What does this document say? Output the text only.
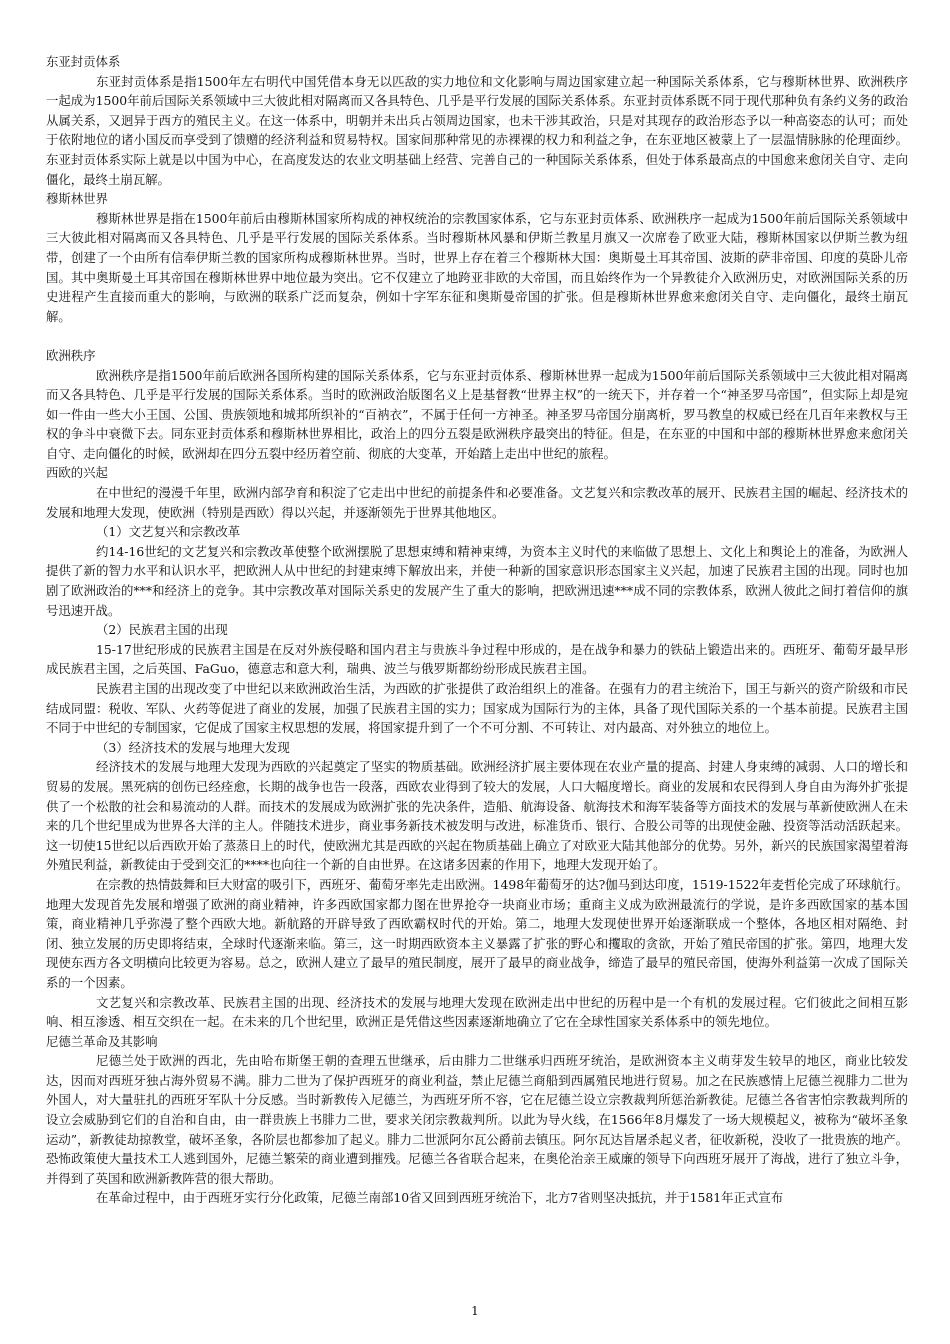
东亚封贡体系

东亚封贡体系是指1500年左右明代中国凭借本身无以匹敌的实力地位和文化影响与周边国家建立起一种国际关系体系，它与穆斯林世界、欧洲秩序一起成为1500年前后国际关系领域中三大彼此相对隔离而又各具特色、几乎是平行发展的国际关系体系。东亚封贡体系既不同于现代那种负有条约义务的政治从属关系，又迥异于西方的殖民主义。在这一体系中，明朝并未出兵占领周边国家，也未干涉其政治，只是对其现存的政治形态予以一种高姿态的认可；而处于依附地位的诸小国反而享受到了馈赠的经济利益和贸易特权。国家间那种常见的赤裸裸的权力和利益之争，在东亚地区被蒙上了一层温情脉脉的伦理面纱。东亚封贡体系实际上就是以中国为中心，在高度发达的农业文明基础上经营、完善自己的一种国际关系体系，但处于体系最高点的中国愈来愈闭关自守、走向僵化，最终土崩瓦解。

穆斯林世界

穆斯林世界是指在1500年前后由穆斯林国家所构成的神权统治的宗教国家体系，它与东亚封贡体系、欧洲秩序一起成为1500年前后国际关系领域中三大彼此相对隔离而又各具特色、几乎是平行发展的国际关系体系。当时穆斯林风暴和伊斯兰教星月旗又一次席卷了欧亚大陆，穆斯林国家以伊斯兰教为纽带，创建了一个由所有信奉伊斯兰教的国家所构成穆斯林世界。当时，世界上存在着三个穆斯林大国：奥斯曼土耳其帝国、波斯的萨非帝国、印度的莫卧儿帝国。其中奥斯曼土耳其帝国在穆斯林世界中地位最为突出。它不仅建立了地跨亚非欧的大帝国，而且始终作为一个异教徒介入欧洲历史，对欧洲国际关系的历史进程产生直接而重大的影响，与欧洲的联系广泛而复杂，例如十字军东征和奥斯曼帝国的扩张。但是穆斯林世界愈来愈闭关自守、走向僵化，最终土崩瓦解。

欧洲秩序

欧洲秩序是指1500年前后欧洲各国所构建的国际关系体系，它与东亚封贡体系、穆斯林世界一起成为1500年前后国际关系领域中三大彼此相对隔离而又各具特色、几乎是平行发展的国际关系体系。当时的欧洲政治版图名义上是基督教“世界主权”的一统天下，并存着一个“神圣罗马帝国”，但实际上却是宛如一件由一些大小王国、公国、贵族领地和城邦所织补的“百衲衣”，不属于任何一方神圣。神圣罗马帝国分崩离析，罗马教皇的权威已经在几百年来教权与王权的争斗中衰微下去。同东亚封贡体系和穆斯林世界相比，政治上的四分五裂是欧洲秩序最突出的特征。但是，在东亚的中国和中部的穆斯林世界愈来愈闭关自守、走向僵化的时候，欧洲却在四分五裂中经历着空前、彻底的大变革，开始踏上走出中世纪的旅程。

西欧的兴起

在中世纪的漫漫千年里，欧洲内部孕育和积淀了它走出中世纪的前提条件和必要准备。文艺复兴和宗教改革的展开、民族君主国的崛起、经济技术的发展和地理大发现，使欧洲（特别是西欧）得以兴起，并逐渐领先于世界其他地区。

（1）文艺复兴和宗教改革

约14-16世纪的文艺复兴和宗教改革使整个欧洲摆脱了思想束缚和精神束缚，为资本主义时代的来临做了思想上、文化上和舆论上的准备，为欧洲人提供了新的智力水平和认识水平，把欧洲人从中世纪的封建束缚下解放出来，并使一种新的国家意识形态国家主义兴起，加速了民族君主国的出现。同时也加剧了欧洲政治的***和经济上的竞争。其中宗教改革对国际关系史的发展产生了重大的影响，把欧洲迅速***成不同的宗教体系，欧洲人彼此之间打着信仰的旗号迅速开战。

（2）民族君主国的出现

15-17世纪形成的民族君主国是在反对外族侵略和国内君主与贵族斗争过程中形成的，是在战争和暴力的铁砧上锻造出来的。西班牙、葡萄牙最早形成民族君主国，之后英国、FaGuo，德意志和意大利，瑞典、波兰与俄罗斯都纷纷形成民族君主国。

民族君主国的出现改变了中世纪以来欧洲政治生活，为西欧的扩张提供了政治组织上的准备。在强有力的君主统治下，国王与新兴的资产阶级和市民结成同盟：税收、军队、火药等促进了商业的发展，加强了民族君主国的实力；国家成为国际行为的主体，具备了现代国际关系的一个基本前提。民族君主国不同于中世纪的专制国家，它促成了国家主权思想的发展，将国家提升到了一个不可分割、不可转让、对内最高、对外独立的地位上。

（3）经济技术的发展与地理大发现

经济技术的发展与地理大发现为西欧的兴起奠定了坚实的物质基础。欧洲经济扩展主要体现在农业产量的提高、封建人身束缚的减弱、人口的增长和贸易的发展。黑死病的创伤已经痊愈，长期的战争也告一段落，西欧农业得到了较大的发展，人口大幅度增长。商业的发展和农民得到人身自由为海外扩张提供了一个松散的社会和易流动的人群。而技术的发展成为欧洲扩张的先决条件，造船、航海设备、航海技术和海军装备等方面技术的发展与革新使欧洲人在未来的几个世纪里成为世界各大洋的主人。伴随技术进步，商业事务新技术被发明与改进，标准货币、银行、合股公司等的出现使金融、投资等活动活跃起来。这一切使15世纪以后西欧开始了蒸蒸日上的时代，使欧洲尤其是西欧的兴起在物质基础上确立了对欧亚大陆其他部分的优势。另外，新兴的民族国家渴望着海外殖民利益，新教徒由于受到交汇的****也向往一个新的自由世界。在这诸多因素的作用下，地理大发现开始了。

在宗教的热情鼓舞和巨大财富的吸引下，西班牙、葡萄牙率先走出欧洲。1498年葡萄牙的达?伽马到达印度，1519-1522年麦哲伦完成了环球航行。地理大发现首先发展和增强了欧洲的商业精神，许多西欧国家都力图在世界抢夺一块商业市场；重商主义成为欧洲最流行的学说，是许多西欧国家的基本国策，商业精神几乎弥漫了整个西欧大地。新航路的开辟导致了西欧霸权时代的开始。第二，地理大发现使世界开始逐渐联成一个整体，各地区相对隔绝、封闭、独立发展的历史即将结束，全球时代逐渐来临。第三，这一时期西欧资本主义暴露了扩张的野心和攫取的贪欲，开始了殖民帝国的扩张。第四，地理大发现使东西方各文明横向比较更为容易。总之，欧洲人建立了最早的殖民制度，展开了最早的商业战争，缔造了最早的殖民帝国，使海外利益第一次成了国际关系的一个因素。

文艺复兴和宗教改革、民族君主国的出现、经济技术的发展与地理大发现在欧洲走出中世纪的历程中是一个有机的发展过程。它们彼此之间相互影响、相互渗透、相互交织在一起。在未来的几个世纪里，欧洲正是凭借这些因素逐渐地确立了它在全球性国家关系体系中的领先地位。

尼德兰革命及其影响

尼德兰处于欧洲的西北，先由哈布斯堡王朝的查理五世继承，后由腓力二世继承归西班牙统治，是欧洲资本主义萌芽发生较早的地区，商业比较发达，因而对西班牙独占海外贸易不满。腓力二世为了保护西班牙的商业利益，禁止尼德兰商船到西属殖民地进行贸易。加之在民族感情上尼德兰视腓力二世为外国人，对大量驻扎的西班牙军队十分反感。当时新教传入尼德兰，为西班牙所不容，它在尼德兰设立宗教裁判所惩治新教徒。尼德兰各省害怕宗教裁判所的设立会威胁到它们的自治和自由，由一群贵族上书腓力二世，要求关闭宗教裁判所。以此为导火线，在1566年8月爆发了一场大规模起义，被称为“破坏圣象运动”，新教徒劫掠教堂，破坏圣象，各阶层也都参加了起义。腓力二世派阿尔瓦公爵前去镇压。阿尔瓦达旨屠杀起义者，征收新税，没收了一批贵族的地产。恐怖政策使大量技术工人逃到国外，尼德兰繁荣的商业遭到摧残。尼德兰各省联合起来，在奥伦治亲王威廉的领导下向西班牙展开了海战，进行了独立斗争，并得到了英国和欧洲新教阵营的很大帮助。

在革命过程中，由于西班牙实行分化政策，尼德兰南部10省又回到西班牙统治下，北方7省则坚决抵抗，并于1581年正式宣布

1
